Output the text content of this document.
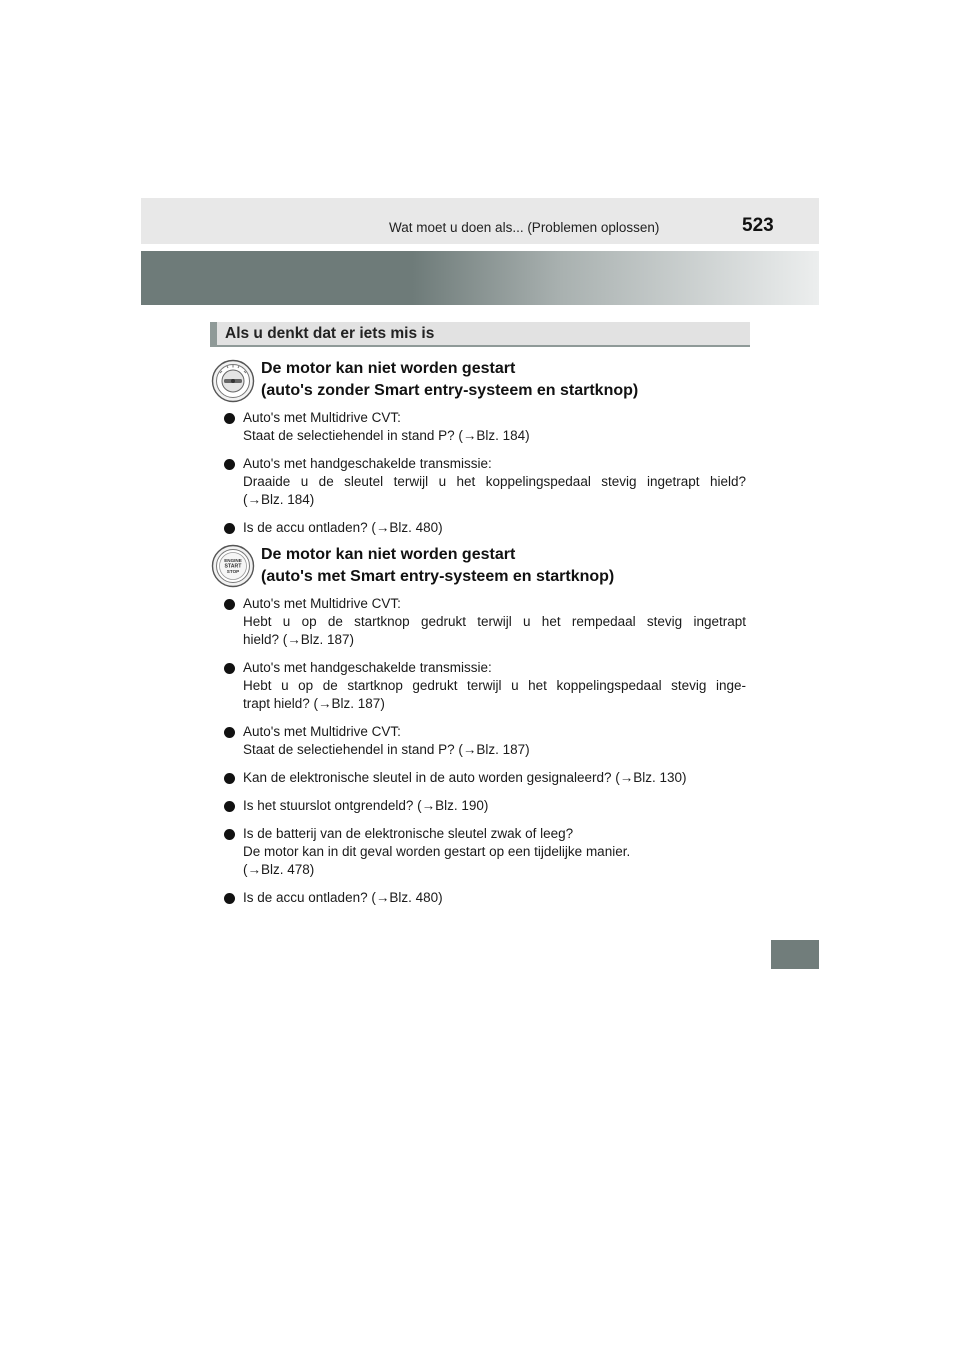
Wat moet u doen als... (Problemen oplossen)	523
Als u denkt dat er iets mis is
De motor kan niet worden gestart
(auto's zonder Smart entry-systeem en startknop)
Auto's met Multidrive CVT:
Staat de selectiehendel in stand P? (→Blz. 184)
Auto's met handgeschakelde transmissie:
Draaide u de sleutel terwijl u het koppelingspedaal stevig ingetrapt hield?
(→Blz. 184)
Is de accu ontladen? (→Blz. 480)
ENGINE
START
STOP
De motor kan niet worden gestart
(auto's met Smart entry-systeem en startknop)
Auto's met Multidrive CVT:
Hebt u op de startknop gedrukt terwijl u het rempedaal stevig ingetrapt
hield? (→Blz. 187)
Auto's met handgeschakelde transmissie:
Hebt u op de startknop gedrukt terwijl u het koppelingspedaal stevig inge-
trapt hield? (→Blz. 187)
Auto's met Multidrive CVT:
Staat de selectiehendel in stand P? (→Blz. 187)
Kan de elektronische sleutel in de auto worden gesignaleerd? (→Blz. 130)
Is het stuurslot ontgrendeld? (→Blz. 190)
Is de batterij van de elektronische sleutel zwak of leeg?
De motor kan in dit geval worden gestart op een tijdelijke manier.
(→Blz. 478)
Is de accu ontladen? (→Blz. 480)
